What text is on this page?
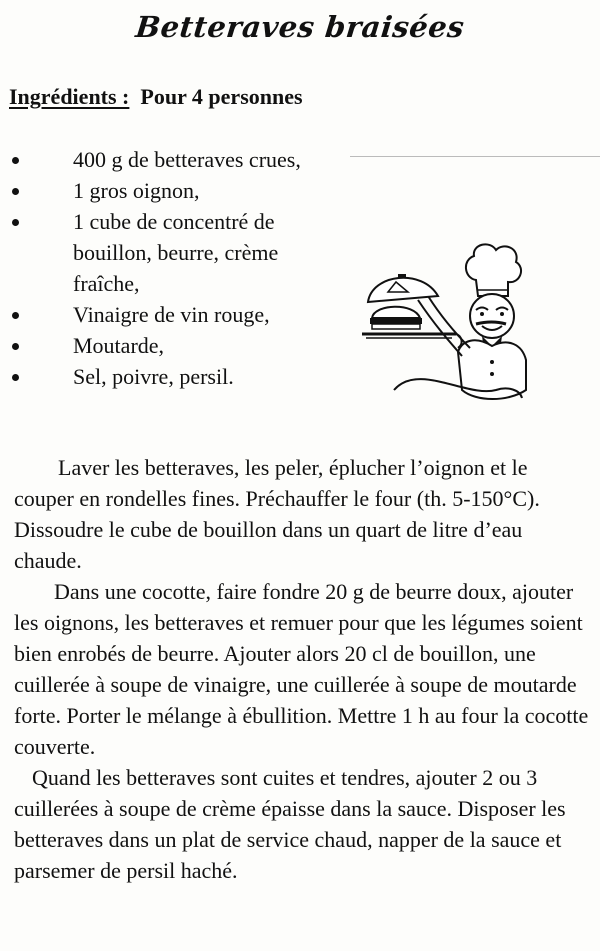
Betteraves braisées
Ingrédients : Pour 4 personnes
400 g de betteraves crues,
1 gros oignon,
1 cube de concentré de bouillon, beurre, crème fraîche,
Vinaigre de vin rouge,
Moutarde,
Sel, poivre, persil.

Laver les betteraves, les peler, éplucher l’oignon et le couper en rondelles fines. Préchauffer le four (th. 5-150°C). Dissoudre le cube de bouillon dans un quart de litre d’eau chaude.

Dans une cocotte, faire fondre 20 g de beurre doux, ajouter les oignons, les betteraves et remuer pour que les légumes soient bien enrobés de beurre. Ajouter alors 20 cl de bouillon, une cuillerée à soupe de vinaigre, une cuillerée à soupe de moutarde forte. Porter le mélange à ébullition. Mettre 1 h au four la cocotte couverte.

Quand les betteraves sont cuites et tendres, ajouter 2 ou 3 cuillerées à soupe de crème épaisse dans la sauce. Disposer les betteraves dans un plat de service chaud, napper de la sauce et parsemer de persil haché.
